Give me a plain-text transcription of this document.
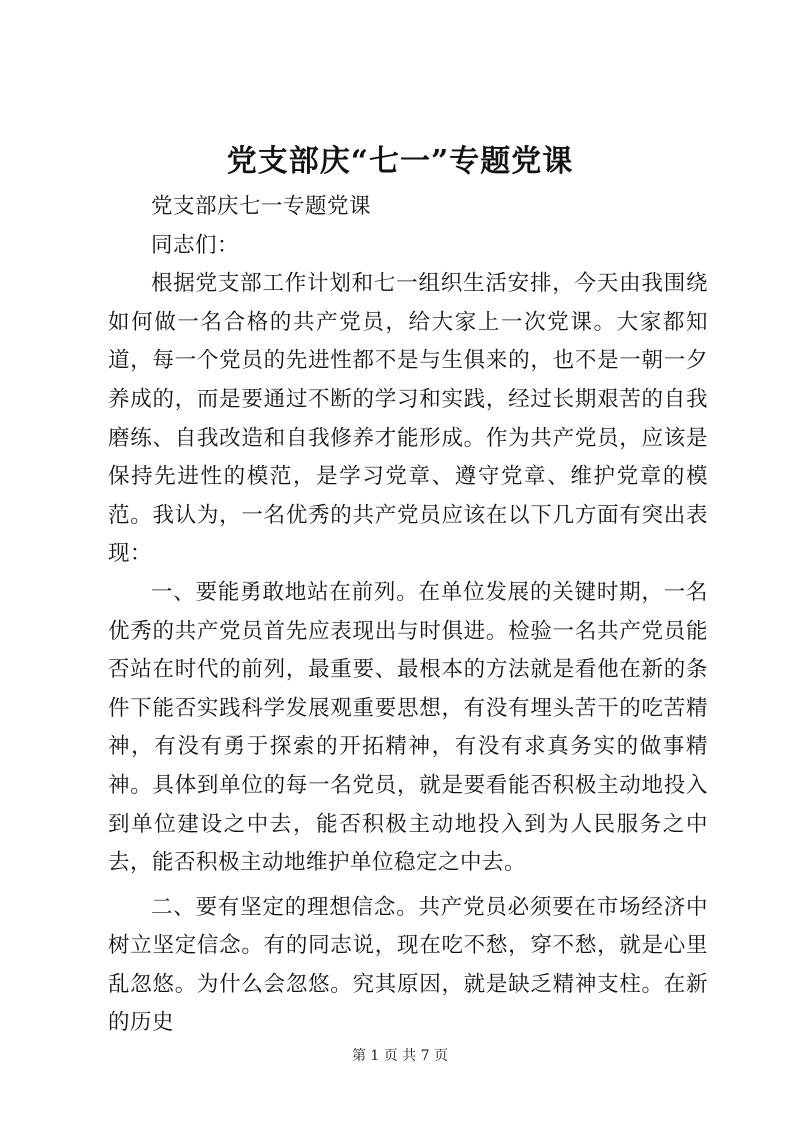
党支部庆“七一”专题党课

党支部庆七一专题党课

同志们：

根据党支部工作计划和七一组织生活安排，今天由我围绕如何做一名合格的共产党员，给大家上一次党课。大家都知道，每一个党员的先进性都不是与生俱来的，也不是一朝一夕养成的，而是要通过不断的学习和实践，经过长期艰苦的自我磨练、自我改造和自我修养才能形成。作为共产党员，应该是保持先进性的模范，是学习党章、遵守党章、维护党章的模范。我认为，一名优秀的共产党员应该在以下几方面有突出表现：

一、要能勇敢地站在前列。在单位发展的关键时期，一名优秀的共产党员首先应表现出与时俱进。检验一名共产党员能否站在时代的前列，最重要、最根本的方法就是看他在新的条件下能否实践科学发展观重要思想，有没有埋头苦干的吃苦精神，有没有勇于探索的开拓精神，有没有求真务实的做事精神。具体到单位的每一名党员，就是要看能否积极主动地投入到单位建设之中去，能否积极主动地投入到为人民服务之中去，能否积极主动地维护单位稳定之中去。

二、要有坚定的理想信念。共产党员必须要在市场经济中树立坚定信念。有的同志说，现在吃不愁，穿不愁，就是心里乱忽悠。为什么会忽悠。究其原因，就是缺乏精神支柱。在新的历史

第 1 页 共 7 页
